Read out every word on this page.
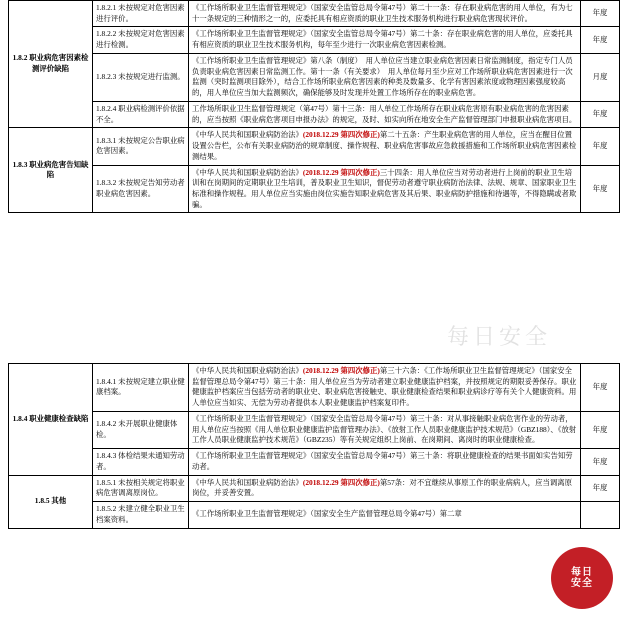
1.8.2 职业病危害因素检测评价缺陷	1.8.2.1 未按规定对危害因素进行评价。	《工作场所职业卫生监督管理规定》（国家安全监管总局令第47号）第二十一条：存在职业病危害的用人单位，有为七十一条规定的三种情形之一的，应委托具有相应资质的职业卫生技术服务机构进行职业病危害现状评价。	年度
	1.8.2.2 未按规定对危害因素进行检测。	《工作场所职业卫生监督管理规定》（国家安全监管总局令第47号）第二十条：存在职业病危害的用人单位，应委托具有相应资质的职业卫生技术服务机构，每年至少进行一次职业病危害因素检测。	年度
	1.8.2.3 未按规定进行监测。	《工作场所职业卫生监督管理规定》第八条（制度）　用人单位应当建立职业病危害因素日常监测制度，指定专门人员负责职业病危害因素日常监测工作。第十一条（有关要求）　用人单位每月至少应对工作场所职业病危害因素进行一次监测（突时监测项目除外），结合工作场所职业病危害因素的种类及数量多、化学有害因素浓度或物理因素强度较高的，用人单位应当加大监测频次，确保能够及时发现并处置工作场所存在的职业病危害。	月度
	1.8.2.4 职业病检测评价依据不全。	工作场所职业卫生监督管理规定（第47号）第十三条：用人单位工作场所存在职业病危害原有职业病危害的危害因素的，应当按照《职业病危害项目申报办法》的规定，及时、如实向所在地安全生产监督管理部门申报职业病危害项目。	年度
1.8.3 职业病危害告知缺陷	1.8.3.1 未按规定公告职业病危害因素。	《中华人民共和国职业病防治法》(2018.12.29 第四次修正)第二十五条：产生职业病危害的用人单位，应当在醒目位置设置公告栏，公布有关职业病防治的规章制度、操作规程、职业病危害事故应急救援措施和工作场所职业病危害因素检测结果。	年度
	1.8.3.2 未按规定告知劳动者职业病危害因素。	《中华人民共和国职业病防治法》(2018.12.29 第四次修正)三十四条：用人单位应当对劳动者进行上岗前的职业卫生培训和在岗期间的定期职业卫生培训，普及职业卫生知识，督促劳动者遵守职业病防治法律、法规、规章、国家职业卫生标准和操作规程。用人单位应当实施由岗位实施告知职业病危害及其后果、职业病防护措施和待遇等，不得隐瞒或者欺骗。	年度
1.8.4 职业健康检查缺陷	1.8.4.1 未按规定建立职业健康档案。	《中华人民共和国职业病防治法》(2018.12.29 第四次修正)第三十六条：《工作场所职业卫生监督管理规定》（国家安全监督管理总局令第47号）第三十条：用人单位应当为劳动者建立职业健康监护档案，并按照规定的期限妥善保存。职业健康监护档案应当包括劳动者的职业史、职业病危害接触史、职业健康检查结果和职业病诊疗等有关个人健康资料。用人单位应当如实、无偿为劳动者提供本人职业健康监护档案复印件。	年度
	1.8.4.2 未开展职业健康体检。	《工作场所职业卫生监督管理规定》（国家安全监管总局令第47号）第三十条：对从事接触职业病危害作业的劳动者，用人单位应当按照《用人单位职业健康监护监督管理办法》、《放射工作人员职业健康监护技术规范》（GBZ188）、《放射工作人员职业健康监护技术规范》（GBZ235）等有关规定组织上岗前、在岗期间、离岗时的职业健康检查。	年度
	1.8.4.3 体检结果未通知劳动者。	《工作场所职业卫生监督管理规定》（国家安全监管总局令第47号）第三十条：将职业健康检查的结果书面如实告知劳动者。	年度
1.8.5 其他	1.8.5.1 未按相关规定将职业病危害调离原岗位。	《中华人民共和国职业病防治法》(2018.12.29 第四次修正)第57条：对不宜继续从事原工作的职业病病人，应当调离原岗位，并妥善安置。	年度
	1.8.5.2 未建立健全职业卫生档案资料。	《工作场所职业卫生监督管理规定》（国家安全生产监督管理总局令第47号）第二章	
每日安全
每日
安全
